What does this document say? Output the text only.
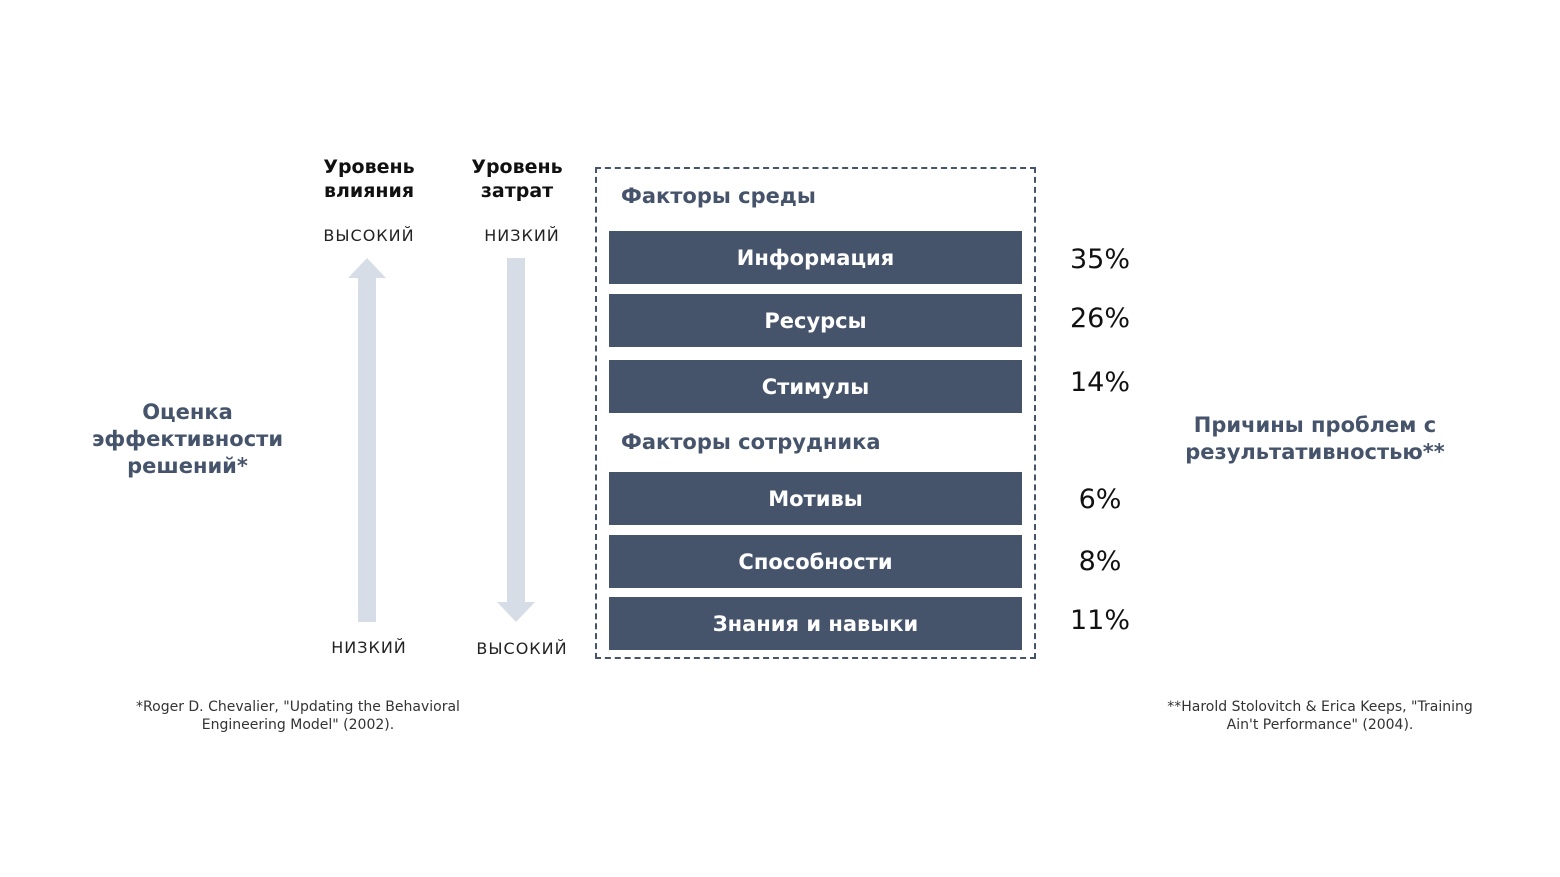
Оценка
эффективности
решений*
Уровень
влияния
ВЫСОКИЙ
НИЗКИЙ
Уровень
затрат
НИЗКИЙ
ВЫСОКИЙ
Факторы среды
Информация
Ресурсы
Стимулы
Факторы сотрудника
Мотивы
Способности
Знания и навыки
35%
26%
14%
6%
8%
11%
Причины проблем с
результативностью**
*Roger D. Chevalier, "Updating the Behavioral
Engineering Model" (2002).
**Harold Stolovitch & Erica Keeps, "Training
Ain't Performance" (2004).
